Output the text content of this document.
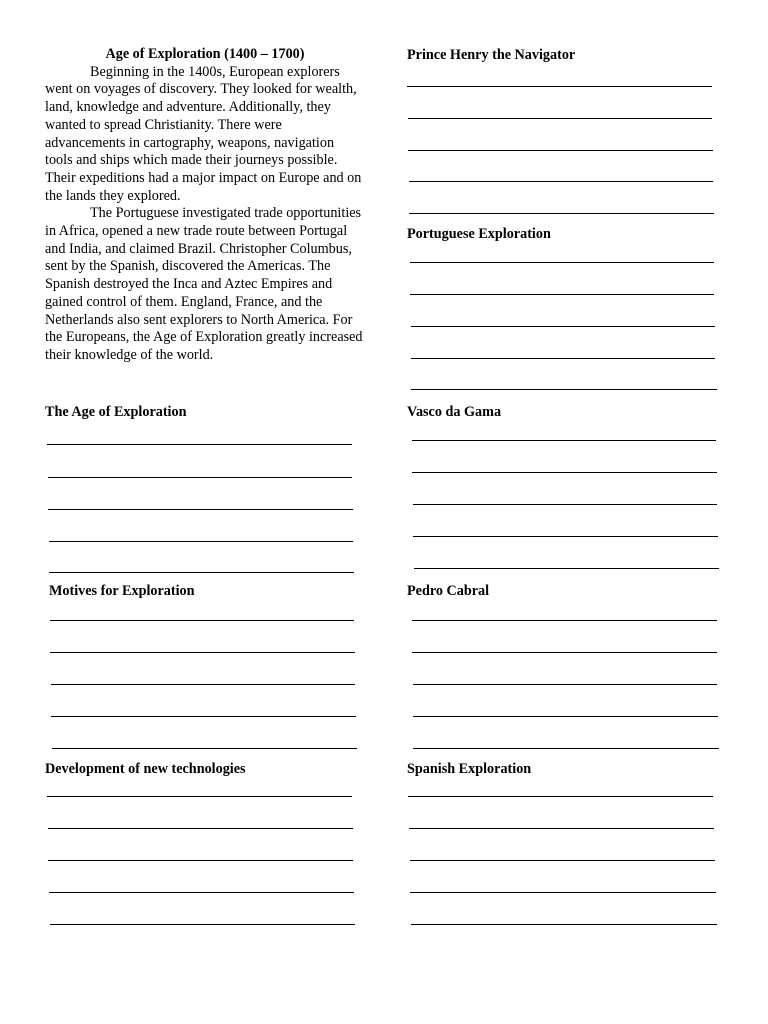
Age of Exploration (1400 – 1700)

Beginning in the 1400s, European explorers went on voyages of discovery. They looked for wealth, land, knowledge and adventure. Additionally, they wanted to spread Christianity. There were advancements in cartography, weapons, navigation tools and ships which made their journeys possible. Their expeditions had a major impact on Europe and on the lands they explored.

The Portuguese investigated trade opportunities in Africa, opened a new trade route between Portugal and India, and claimed Brazil. Christopher Columbus, sent by the Spanish, discovered the Americas. The Spanish destroyed the Inca and Aztec Empires and gained control of them. England, France, and the Netherlands also sent explorers to North America. For the Europeans, the Age of Exploration greatly increased their knowledge of the world.

Prince Henry the Navigator
Portuguese Exploration
The Age of Exploration	Vasco da Gama
Motives for Exploration	Pedro Cabral
Development of new technologies	Spanish Exploration
